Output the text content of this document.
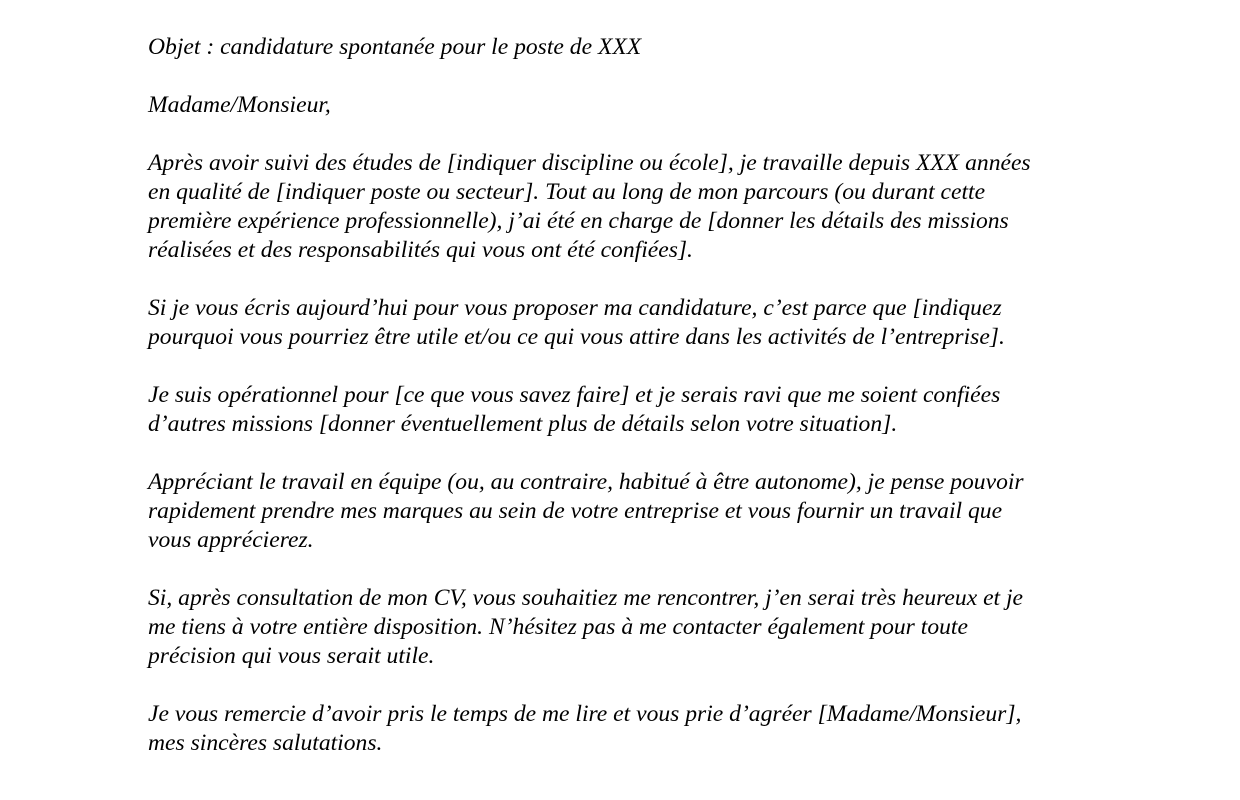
Objet : candidature spontanée pour le poste de XXX

Madame/Monsieur,

Après avoir suivi des études de [indiquer discipline ou école], je travaille depuis XXX années
en qualité de [indiquer poste ou secteur]. Tout au long de mon parcours (ou durant cette
première expérience professionnelle), j’ai été en charge de [donner les détails des missions
réalisées et des responsabilités qui vous ont été confiées].

Si je vous écris aujourd’hui pour vous proposer ma candidature, c’est parce que [indiquez
pourquoi vous pourriez être utile et/ou ce qui vous attire dans les activités de l’entreprise].

Je suis opérationnel pour [ce que vous savez faire] et je serais ravi que me soient confiées
d’autres missions [donner éventuellement plus de détails selon votre situation].

Appréciant le travail en équipe (ou, au contraire, habitué à être autonome), je pense pouvoir
rapidement prendre mes marques au sein de votre entreprise et vous fournir un travail que
vous apprécierez.

Si, après consultation de mon CV, vous souhaitiez me rencontrer, j’en serai très heureux et je
me tiens à votre entière disposition. N’hésitez pas à me contacter également pour toute
précision qui vous serait utile.

Je vous remercie d’avoir pris le temps de me lire et vous prie d’agréer [Madame/Monsieur],
mes sincères salutations.
